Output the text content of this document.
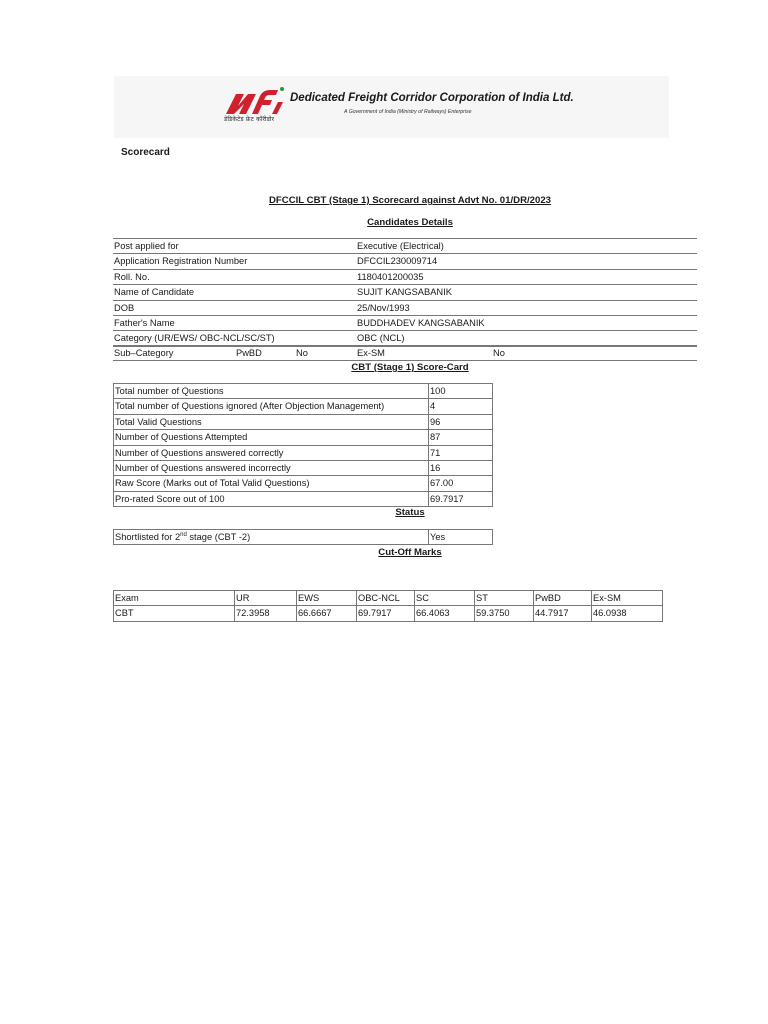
डेडिकेटेड फ्रेट कॉरीडोर
Dedicated Freight Corridor Corporation of India Ltd.
A Government of India (Ministry of Railways) Enterprise
Scorecard
DFCCIL CBT (Stage 1) Scorecard against Advt No. 01/DR/2023
Candidates Details
Post applied for	Executive (Electrical)
Application Registration Number	DFCCIL230009714
Roll. No.	1180401200035
Name of Candidate	SUJIT KANGSABANIK
DOB	25/Nov/1993
Father's Name	BUDDHADEV KANGSABANIK
Category (UR/EWS/ OBC-NCL/SC/ST)	OBC (NCL)
Sub–Category	PwBD	No	Ex-SM	No
CBT (Stage 1) Score-Card
Total number of Questions	100
Total number of Questions ignored (After Objection Management)	4
Total Valid Questions	96
Number of Questions Attempted	87
Number of Questions answered correctly	71
Number of Questions answered incorrectly	16
Raw Score (Marks out of Total Valid Questions)	67.00
Pro-rated Score out of 100	69.7917
Status
Shortlisted for 2nd stage (CBT -2)	Yes
Cut-Off Marks
Exam	UR	EWS	OBC-NCL	SC	ST	PwBD	Ex-SM
CBT	72.3958	66.6667	69.7917	66.4063	59.3750	44.7917	46.0938
